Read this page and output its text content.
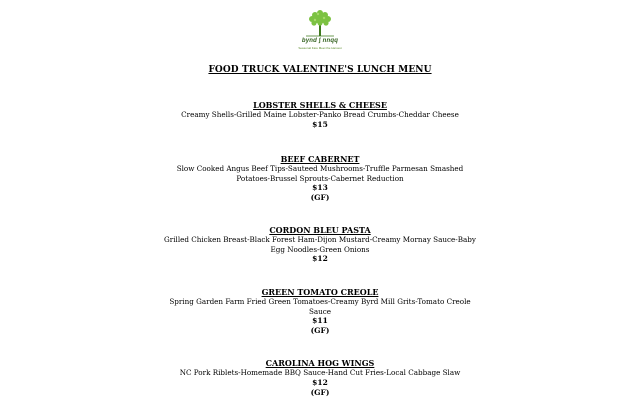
bynd ∫ nnqq
Seasonal Fare Meet the Harvest
FOOD TRUCK VALENTINE'S LUNCH MENU
LOBSTER SHELLS & CHEESE
Creamy Shells-Grilled Maine Lobster-Panko Bread Crumbs-Cheddar Cheese
$15
BEEF CABERNET
Slow Cooked Angus Beef Tips-Sauteed Mushrooms-Truffle Parmesan Smashed Potatoes-Brussel Sprouts-Cabernet Reduction
$13
(GF)
CORDON BLEU PASTA
Grilled Chicken Breast-Black Forest Ham-Dijon Mustard-Creamy Mornay Sauce-Baby Egg Noodles-Green Onions
$12
GREEN TOMATO CREOLE
Spring Garden Farm Fried Green Tomatoes-Creamy Byrd Mill Grits-Tomato Creole Sauce
$11
(GF)
CAROLINA HOG WINGS
NC Pork Riblets-Homemade BBQ Sauce-Hand Cut Fries-Local Cabbage Slaw
$12
(GF)
